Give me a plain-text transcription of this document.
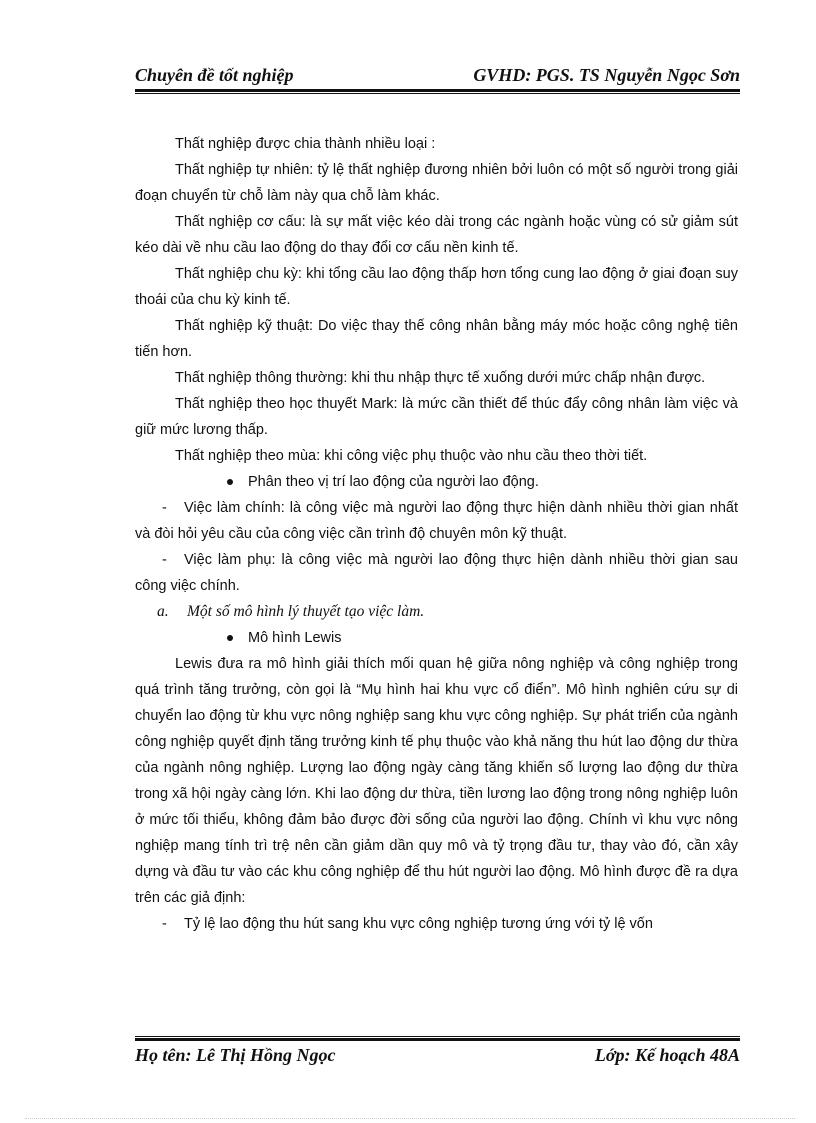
Chuyên đề tốt nghiệp	GVHD: PGS. TS Nguyễn Ngọc Sơn

Thất nghiệp được chia thành nhiều loại :

Thất nghiệp tự nhiên: tỷ lệ thất nghiệp đương nhiên bởi luôn có một số người trong giải đoạn chuyển từ chỗ làm này qua chỗ làm khác.

Thất nghiệp cơ cấu: là sự mất việc kéo dài trong các ngành hoặc vùng có sử giảm sút kéo dài về nhu cầu lao động do thay đổi cơ cấu nền kinh tế.

Thất nghiệp chu kỳ: khi tổng cầu lao động thấp hơn tổng cung lao động ở giai đoạn suy thoái của chu kỳ kinh tế.

Thất nghiệp kỹ thuật: Do việc thay thế công nhân bằng máy móc hoặc công nghệ tiên tiến hơn.

Thất nghiệp thông thường: khi thu nhập thực tế xuống dưới mức chấp nhận được.

Thất nghiệp theo học thuyết Mark: là mức cần thiết để thúc đẩy công nhân làm việc và giữ mức lương thấp.

Thất nghiệp theo mùa: khi công việc phụ thuộc vào nhu cầu theo thời tiết.

Phân theo vị trí lao động của người lao động.

- Việc làm chính: là công việc mà người lao động thực hiện dành nhiều thời gian nhất và đòi hỏi yêu cầu của công việc cần trình độ chuyên môn kỹ thuật.

- Việc làm phụ: là công việc mà người lao động thực hiện dành nhiều thời gian sau công việc chính.

a. Một số mô hình lý thuyết tạo việc làm.

Mô hình Lewis

Lewis đưa ra mô hình giải thích mối quan hệ giữa nông nghiệp và công nghiệp trong quá trình tăng trưởng, còn gọi là “Mụ hình hai khu vực cổ điển”. Mô hình nghiên cứu sự di chuyển lao động từ khu vực nông nghiệp sang khu vực công nghiệp. Sự phát triển của ngành công nghiệp quyết định tăng trưởng kinh tế phụ thuộc vào khả năng thu hút lao động dư thừa của ngành nông nghiệp. Lượng lao động ngày càng tăng khiến số lượng lao động dư thừa trong xã hội ngày càng lớn. Khi lao động dư thừa, tiền lương lao động trong nông nghiệp luôn ở mức tối thiểu, không đảm bảo được đời sống của người lao động. Chính vì khu vực nông nghiệp mang tính trì trệ nên cần giảm dần quy mô và tỷ trọng đầu tư, thay vào đó, cần xây dựng và đầu tư vào các khu công nghiệp để thu hút người lao động. Mô hình được đề ra dựa trên các giả định:

- Tỷ lệ lao động thu hút sang khu vực công nghiệp tương ứng với tỷ lệ vốn

Họ tên: Lê Thị Hồng Ngọc	Lớp: Kế hoạch 48A
